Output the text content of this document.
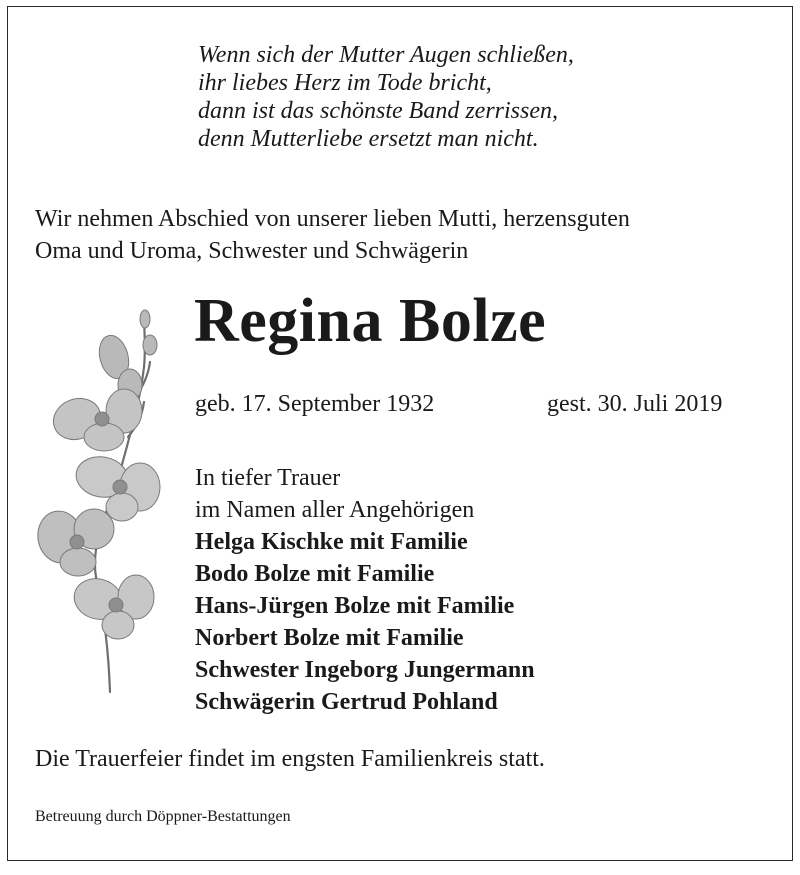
Wenn sich der Mutter Augen schließen,
ihr liebes Herz im Tode bricht,
dann ist das schönste Band zerrissen,
denn Mutterliebe ersetzt man nicht.
Wir nehmen Abschied von unserer lieben Mutti, herzensguten
Oma und Uroma, Schwester und Schwägerin
Regina Bolze
geb. 17. September 1932	gest. 30. Juli 2019
In tiefer Trauer
im Namen aller Angehörigen
Helga Kischke mit Familie
Bodo Bolze mit Familie
Hans-Jürgen Bolze mit Familie
Norbert Bolze mit Familie
Schwester Ingeborg Jungermann
Schwägerin Gertrud Pohland
Die Trauerfeier findet im engsten Familienkreis statt.
Betreuung durch Döppner-Bestattungen
